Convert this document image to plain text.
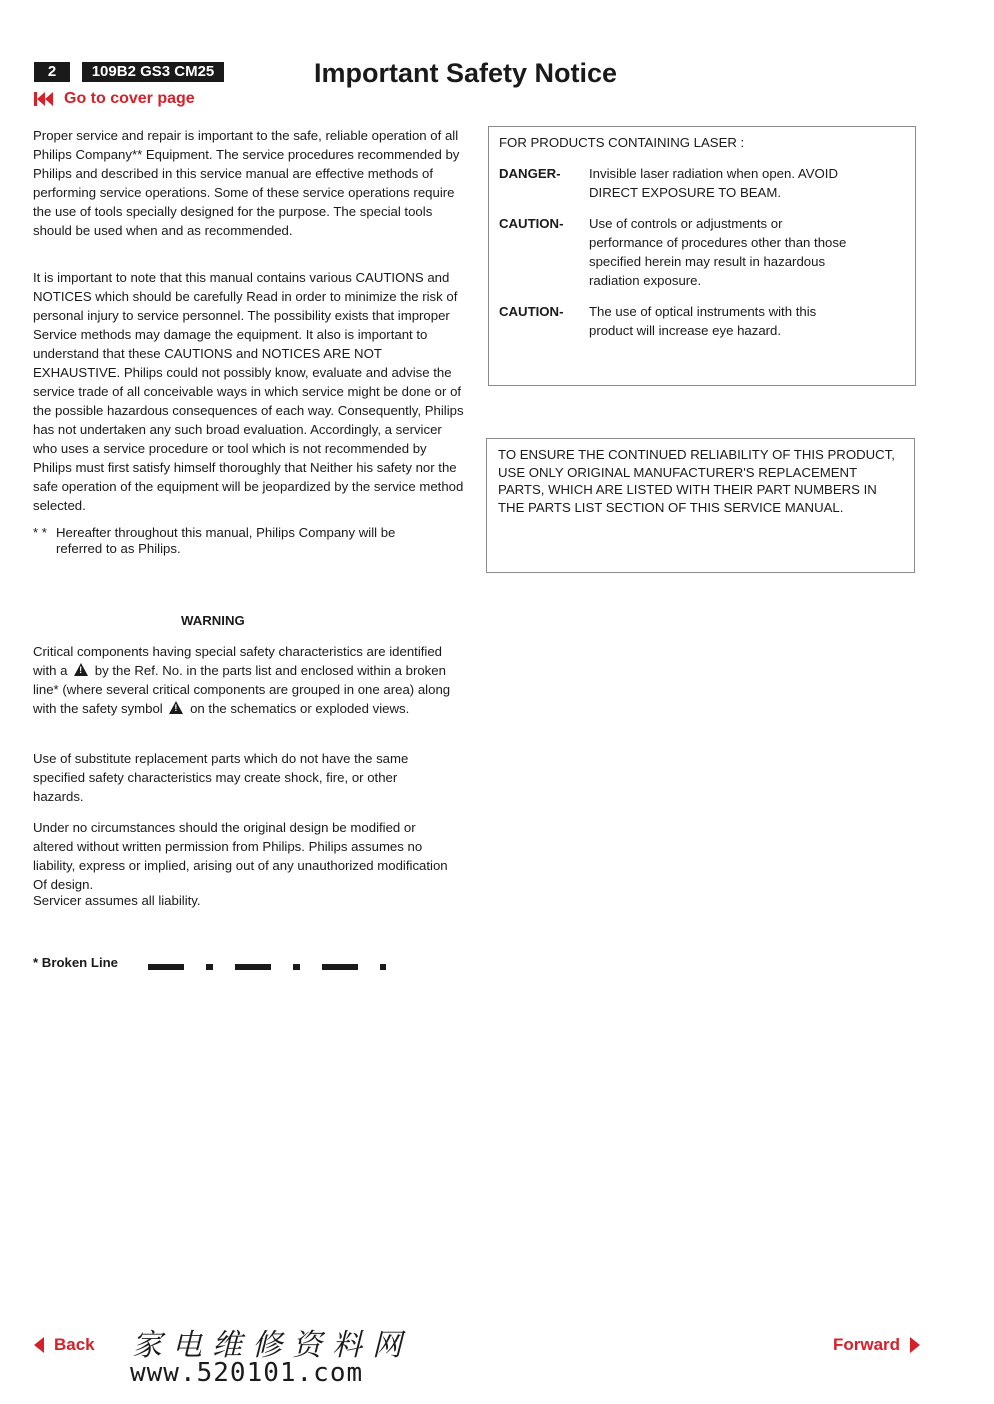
2	109B2 GS3 CM25	Important Safety Notice
Go to cover page
Proper service and repair is important to the safe, reliable operation of all Philips Company** Equipment. The service procedures recommended by Philips and described in this service manual are effective methods of performing service operations. Some of these service operations require the use of tools specially designed for the purpose. The special tools should be used when and as recommended.
It is important to note that this manual contains various CAUTIONS and NOTICES which should be carefully Read in order to minimize the risk of personal injury to service personnel. The possibility exists that improper Service methods may damage the equipment. It also is important to understand that these CAUTIONS and NOTICES ARE NOT EXHAUSTIVE. Philips could not possibly know, evaluate and advise the service trade of all conceivable ways in which service might be done or of the possible hazardous consequences of each way. Consequently, Philips has not undertaken any such broad evaluation. Accordingly, a servicer who uses a service procedure or tool which is not recommended by Philips must first satisfy himself thoroughly that Neither his safety nor the safe operation of the equipment will be jeopardized by the service method selected.
* * Hereafter throughout this manual, Philips Company will be referred to as Philips.
WARNING
Critical components having special safety characteristics are identified with a ! by the Ref. No. in the parts list and enclosed within a broken line* (where several critical components are grouped in one area) along with the safety symbol ! on the schematics or exploded views.
Use of substitute replacement parts which do not have the same specified safety characteristics may create shock, fire, or other hazards.
Under no circumstances should the original design be modified or altered without written permission from Philips. Philips assumes no liability, express or implied, arising out of any unauthorized modification Of design.
Servicer assumes all liability.
* Broken Line
FOR PRODUCTS CONTAINING LASER :
DANGER-	Invisible laser radiation when open. AVOID DIRECT EXPOSURE TO BEAM.
CAUTION-	Use of controls or adjustments or performance of procedures other than those specified herein may result in hazardous radiation exposure.
CAUTION-	The use of optical instruments with this product will increase eye hazard.
TO ENSURE THE CONTINUED RELIABILITY OF THIS PRODUCT, USE ONLY ORIGINAL MANUFACTURER'S REPLACEMENT PARTS, WHICH ARE LISTED WITH THEIR PART NUMBERS IN THE PARTS LIST SECTION OF THIS SERVICE MANUAL.
Back 家电维修资料网
www.520101.com
Forward
